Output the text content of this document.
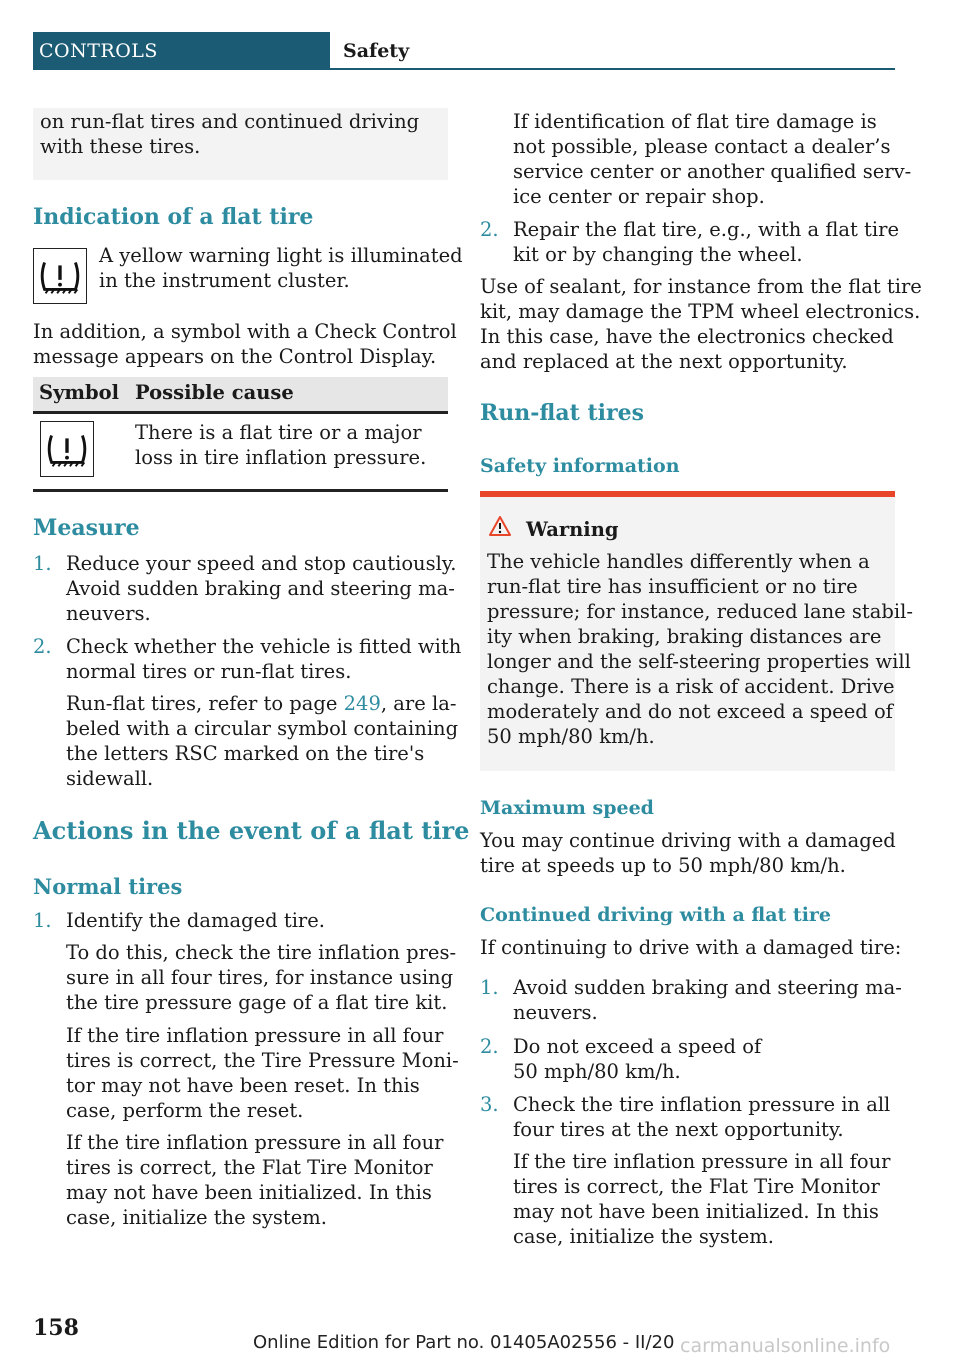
CONTROLS	Safety
on run-flat tires and continued driving
with these tires.
Indication of a flat tire
A yellow warning light is illuminated
in the instrument cluster.
In addition, a symbol with a Check Control
message appears on the Control Display.
Symbol Possible cause
There is a flat tire or a major
loss in tire inflation pressure.
Measure
1. Reduce your speed and stop cautiously.
Avoid sudden braking and steering ma-
neuvers.
2. Check whether the vehicle is fitted with
normal tires or run-flat tires.
Run-flat tires, refer to page 249, are la-
beled with a circular symbol containing
the letters RSC marked on the tire's
sidewall.
Actions in the event of a flat tire
Normal tires
1. Identify the damaged tire.
To do this, check the tire inflation pres-
sure in all four tires, for instance using
the tire pressure gage of a flat tire kit.
If the tire inflation pressure in all four
tires is correct, the Tire Pressure Moni-
tor may not have been reset. In this
case, perform the reset.
If the tire inflation pressure in all four
tires is correct, the Flat Tire Monitor
may not have been initialized. In this
case, initialize the system.
If identification of flat tire damage is
not possible, please contact a dealer’s
service center or another qualified serv-
ice center or repair shop.
2. Repair the flat tire, e.g., with a flat tire
kit or by changing the wheel.
Use of sealant, for instance from the flat tire
kit, may damage the TPM wheel electronics.
In this case, have the electronics checked
and replaced at the next opportunity.
Run-flat tires
Safety information
Warning
The vehicle handles differently when a
run-flat tire has insufficient or no tire
pressure; for instance, reduced lane stabil-
ity when braking, braking distances are
longer and the self-steering properties will
change. There is a risk of accident. Drive
moderately and do not exceed a speed of
50 mph/80 km/h.
Maximum speed
You may continue driving with a damaged
tire at speeds up to 50 mph/80 km/h.
Continued driving with a flat tire
If continuing to drive with a damaged tire:
1. Avoid sudden braking and steering ma-
neuvers.
2. Do not exceed a speed of
50 mph/80 km/h.
3. Check the tire inflation pressure in all
four tires at the next opportunity.
If the tire inflation pressure in all four
tires is correct, the Flat Tire Monitor
may not have been initialized. In this
case, initialize the system.
158
Online Edition for Part no. 01405A02556 - II/20 carmanualsonline.info
